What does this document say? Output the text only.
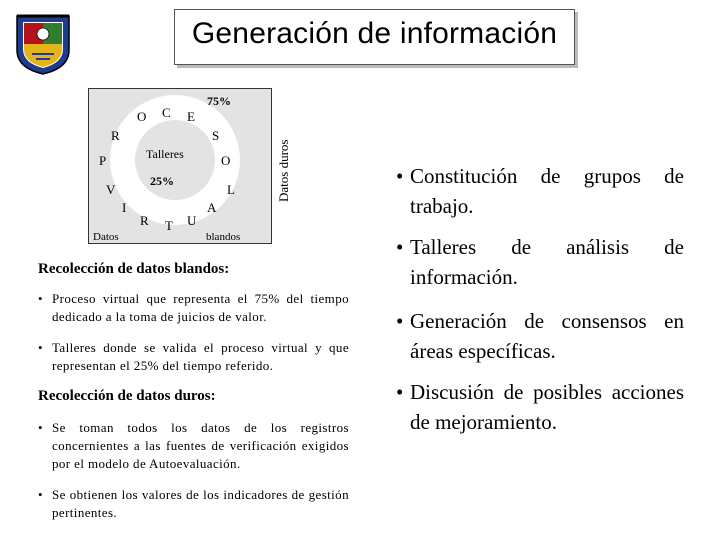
Generación de información
75%
25%
Talleres
O C E
S
O
L
A
U
T
R
I
V
P
R
Datos	blandos
Datos duros
Recolección de datos blandos:
• Proceso virtual que representa el 75% del tiempo dedicado a la toma de juicios de valor.
• Talleres donde se valida el proceso virtual y que representan el 25% del tiempo referido.
Recolección de datos duros:
• Se toman todos los datos de los registros concernientes a las fuentes de verificación exigidos por el modelo de Autoevaluación.
• Se obtienen los valores de los indicadores de gestión pertinentes.
• Constitución de grupos de trabajo.
• Talleres de análisis de información.
• Generación de consensos en áreas específicas.
• Discusión de posibles acciones de mejoramiento.
